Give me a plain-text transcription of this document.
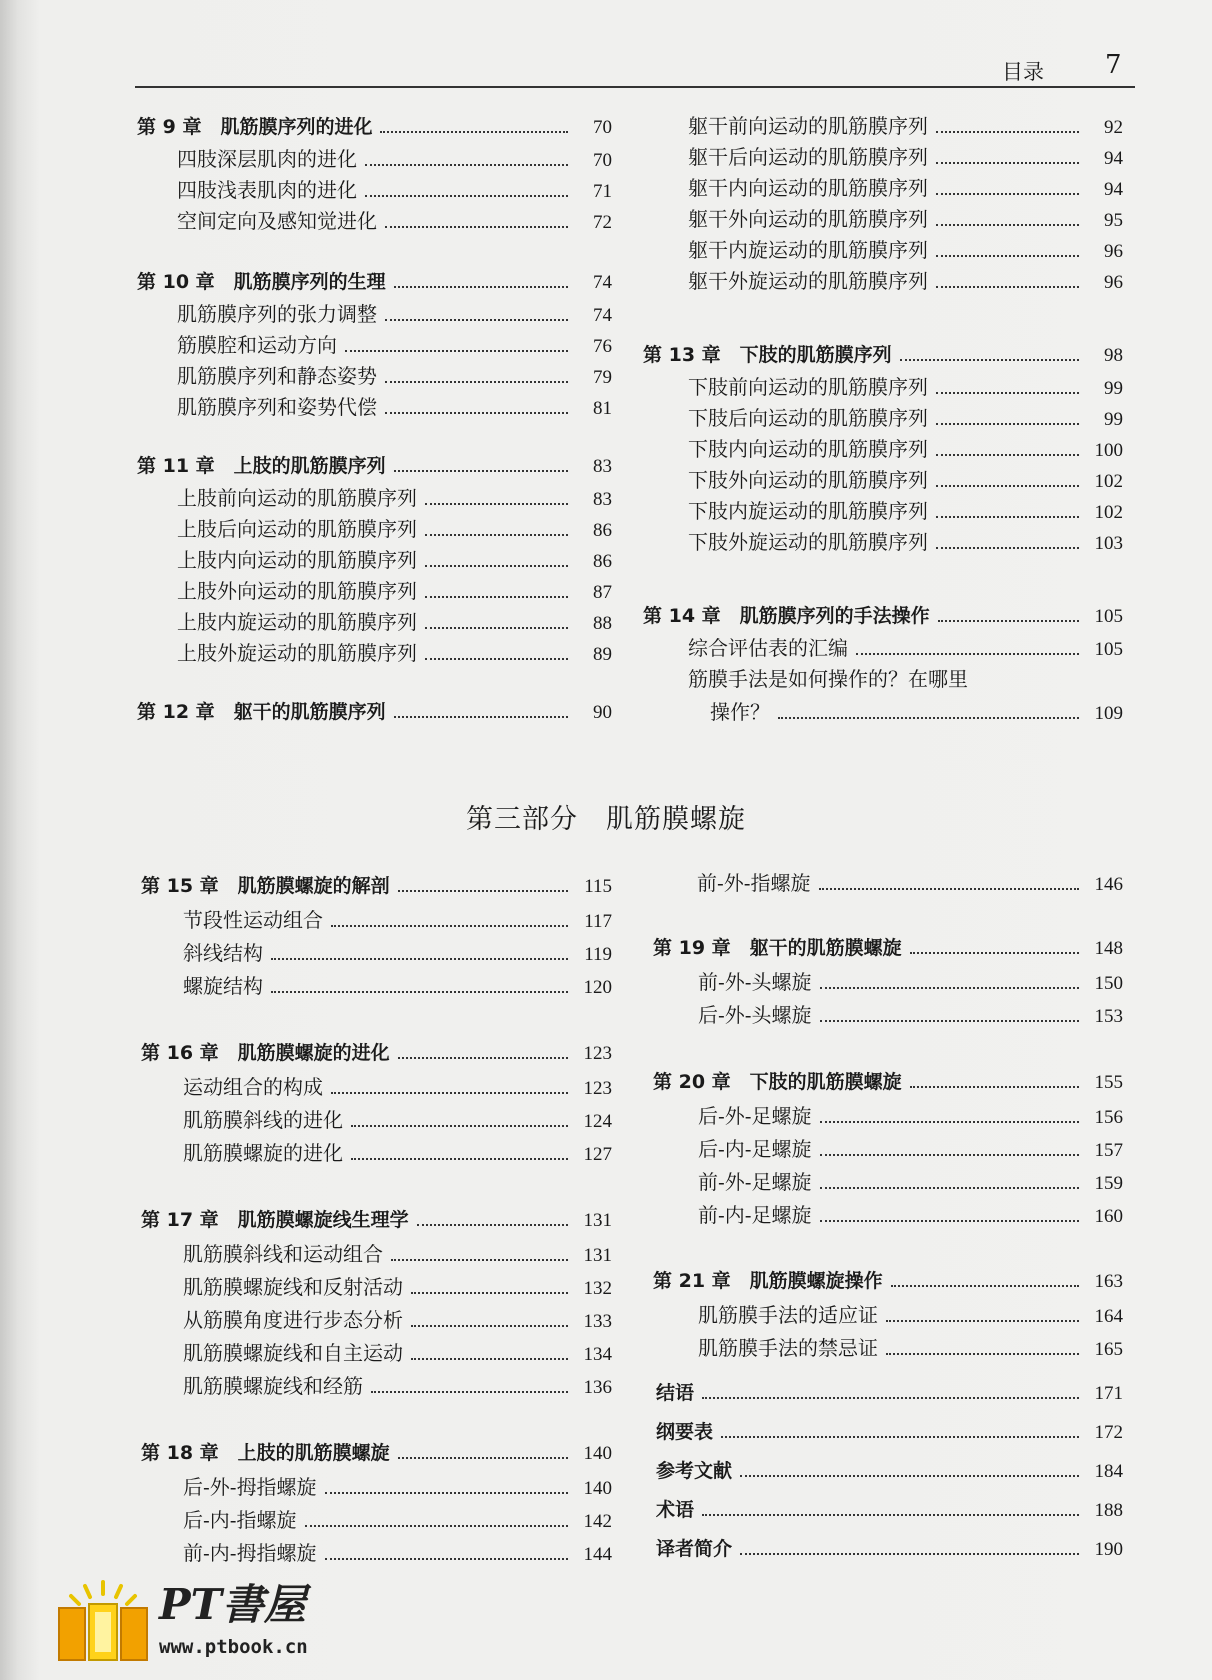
目录 7
第 9 章　肌筋膜序列的进化	70
四肢深层肌肉的进化	70
四肢浅表肌肉的进化	71
空间定向及感知觉进化	72
第 10 章　肌筋膜序列的生理	74
肌筋膜序列的张力调整	74
筋膜腔和运动方向	76
肌筋膜序列和静态姿势	79
肌筋膜序列和姿势代偿	81
第 11 章　上肢的肌筋膜序列	83
上肢前向运动的肌筋膜序列	83
上肢后向运动的肌筋膜序列	86
上肢内向运动的肌筋膜序列	86
上肢外向运动的肌筋膜序列	87
上肢内旋运动的肌筋膜序列	88
上肢外旋运动的肌筋膜序列	89
第 12 章　躯干的肌筋膜序列	90
躯干前向运动的肌筋膜序列	92
躯干后向运动的肌筋膜序列	94
躯干内向运动的肌筋膜序列	94
躯干外向运动的肌筋膜序列	95
躯干内旋运动的肌筋膜序列	96
躯干外旋运动的肌筋膜序列	96
第 13 章　下肢的肌筋膜序列	98
下肢前向运动的肌筋膜序列	99
下肢后向运动的肌筋膜序列	99
下肢内向运动的肌筋膜序列	100
下肢外向运动的肌筋膜序列	102
下肢内旋运动的肌筋膜序列	102
下肢外旋运动的肌筋膜序列	103
第 14 章　肌筋膜序列的手法操作	105
综合评估表的汇编	105
筋膜手法是如何操作的？在哪里
操作？	109
第 15 章　肌筋膜螺旋的解剖	115
节段性运动组合	117
斜线结构	119
螺旋结构	120
第 16 章　肌筋膜螺旋的进化	123
运动组合的构成	123
肌筋膜斜线的进化	124
肌筋膜螺旋的进化	127
第 17 章　肌筋膜螺旋线生理学	131
肌筋膜斜线和运动组合	131
肌筋膜螺旋线和反射活动	132
从筋膜角度进行步态分析	133
肌筋膜螺旋线和自主运动	134
肌筋膜螺旋线和经筋	136
第 18 章　上肢的肌筋膜螺旋	140
后-外-拇指螺旋	140
后-内-指螺旋	142
前-内-拇指螺旋	144
前-外-指螺旋	146
第 19 章　躯干的肌筋膜螺旋	148
前-外-头螺旋	150
后-外-头螺旋	153
第 20 章　下肢的肌筋膜螺旋	155
后-外-足螺旋	156
后-内-足螺旋	157
前-外-足螺旋	159
前-内-足螺旋	160
第 21 章　肌筋膜螺旋操作	163
肌筋膜手法的适应证	164
肌筋膜手法的禁忌证	165
结语	171
纲要表	172
参考文献	184
术语	188
译者简介	190
第三部分　肌筋膜螺旋
PT書屋
www.ptbook.cn
